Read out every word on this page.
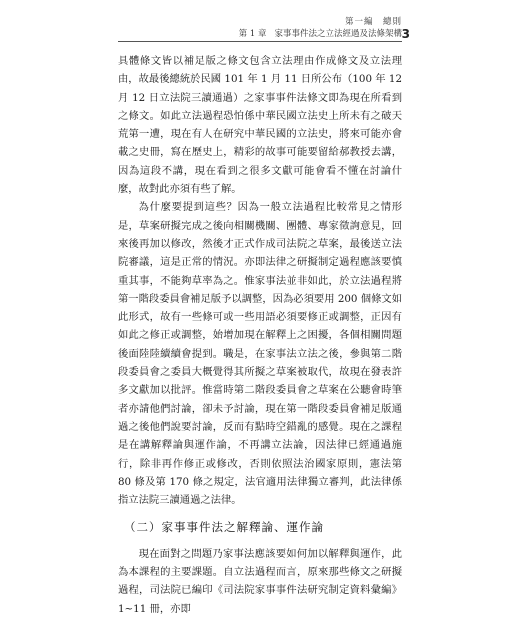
第一編　總則
第 1 章 家事事件法之立法經過及法條架構 3

具體條文皆以補足版之條文包含立法理由作成條文及立法理由，故最後總統於民國 101 年 1 月 11 日所公布（100 年 12 月 12 日立法院三讀通過）之家事事件法條文即為現在所看到之條文。如此立法過程恐怕係中華民國立法史上所未有之破天荒第一遭，現在有人在研究中華民國的立法史，將來可能亦會載之史冊，寫在歷史上，精彩的故事可能要留給郝教授去講，因為這段不講，現在看到之很多文獻可能會看不懂在討論什麼，故對此亦須有些了解。

為什麼要提到這些？因為一般立法過程比較常見之情形是，草案研擬完成之後向相關機關、團體、專家徵詢意見，回來後再加以修改，然後才正式作成司法院之草案，最後送立法院審議，這是正常的情況。亦即法律之研擬制定過程應該要慎重其事，不能夠草率為之。惟家事法並非如此，於立法過程將第一階段委員會補足版予以調整，因為必須要用 200 個條文如此形式，故有一些條可或一些用語必須要修正或調整，正因有如此之修正或調整，始增加現在解釋上之困擾，各個相關問題後面陸陸續續會提到。職是，在家事法立法之後，參與第二階段委員會之委員大概覺得其所擬之草案被取代，故現在發表許多文獻加以批評。惟當時第二階段委員會之草案在公聽會時筆者亦請他們討論，卻未予討論，現在第一階段委員會補足版通過之後他們說要討論，反而有點時空錯亂的感覺。現在之課程是在講解釋論與運作論，不再講立法論，因法律已經通過施行，除非再作修正或修改，否則依照法治國家原則，憲法第 80 條及第 170 條之規定，法官適用法律獨立審判，此法律係指立法院三讀通過之法律。

（二）家事事件法之解釋論、運作論

現在面對之問題乃家事法應該要如何加以解釋與運作，此為本課程的主要課題。自立法過程而言，原來那些條文之研擬過程，司法院已編印《司法院家事事件法研究制定資料彙編》1~11 冊，亦即
